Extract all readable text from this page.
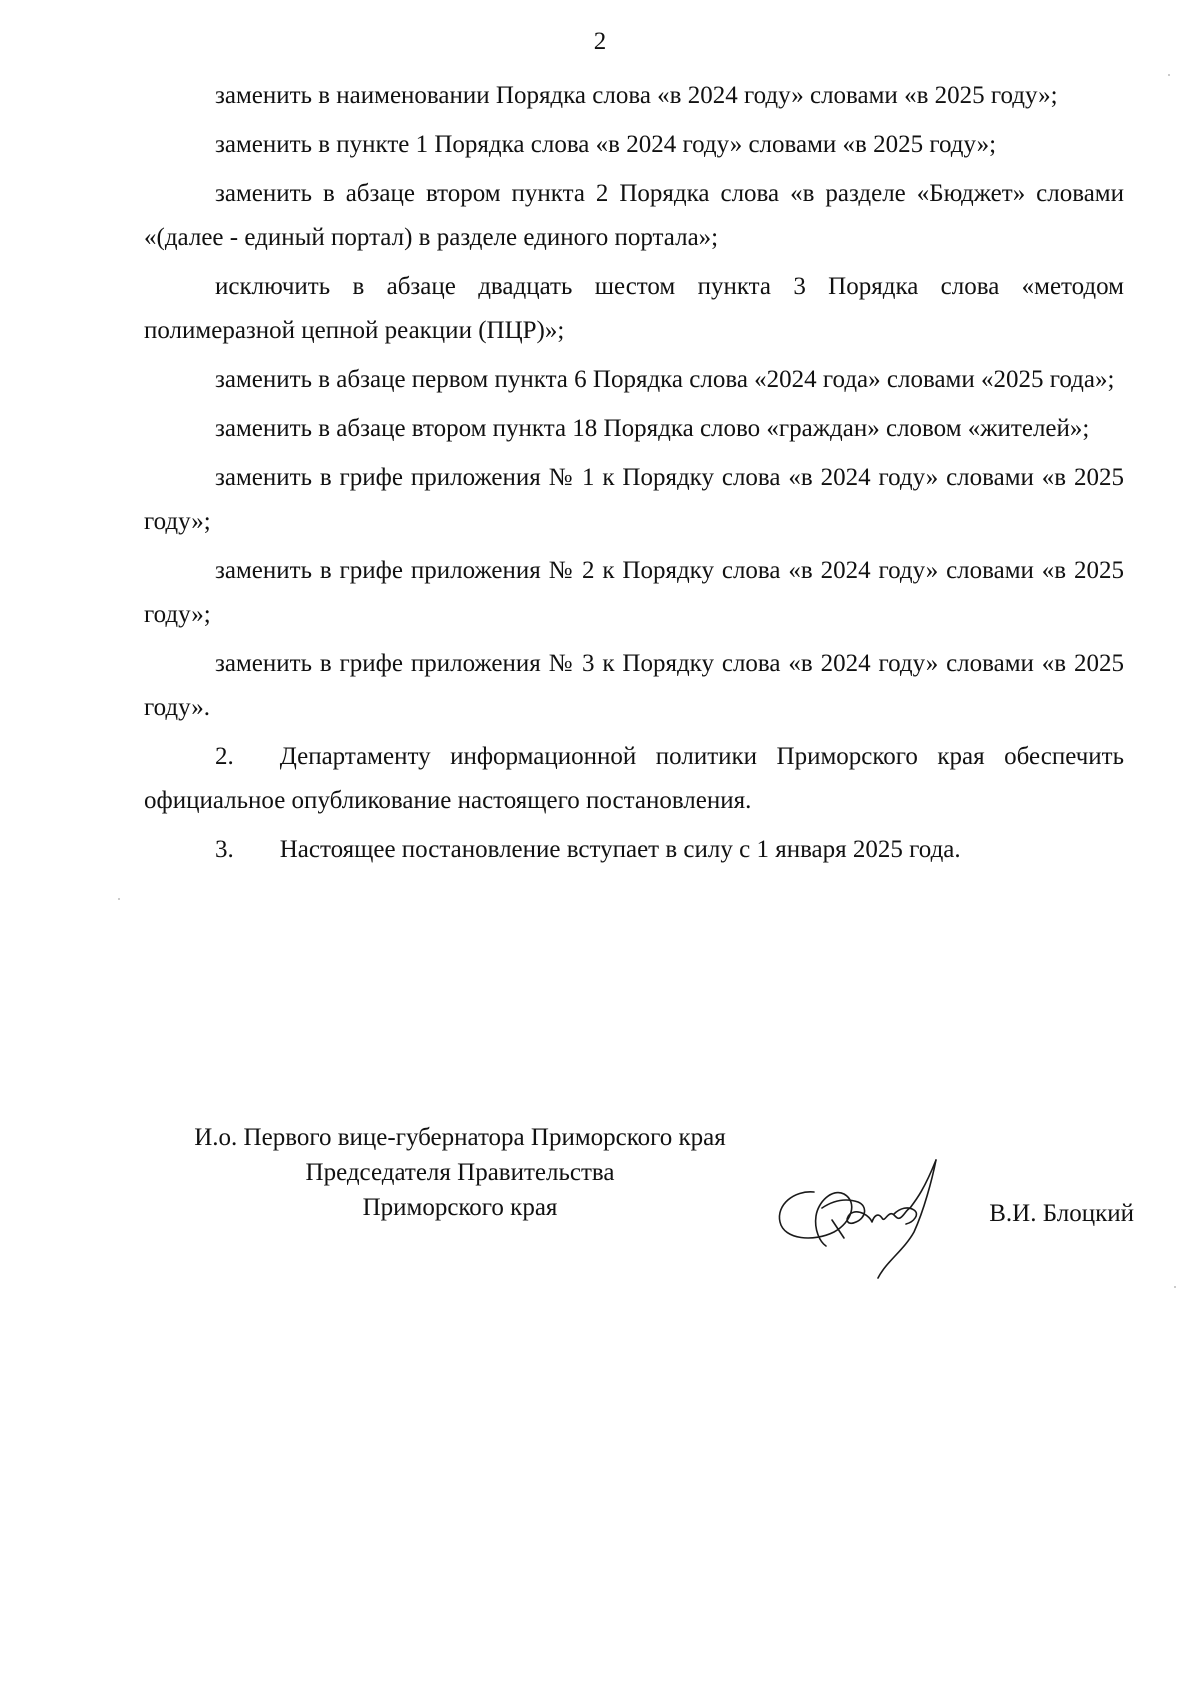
2

заменить в наименовании Порядка слова «в 2024 году» словами «в 2025 году»;

заменить в пункте 1 Порядка слова «в 2024 году» словами «в 2025 году»;

заменить в абзаце втором пункта 2 Порядка слова «в разделе «Бюджет» словами «(далее - единый портал) в разделе единого портала»;

исключить в абзаце двадцать шестом пункта 3 Порядка слова «методом полимеразной цепной реакции (ПЦР)»;

заменить в абзаце первом пункта 6 Порядка слова «2024 года» словами «2025 года»;

заменить в абзаце втором пункта 18 Порядка слово «граждан» словом «жителей»;

заменить в грифе приложения № 1 к Порядку слова «в 2024 году» словами «в 2025 году»;

заменить в грифе приложения № 2 к Порядку слова «в 2024 году» словами «в 2025 году»;

заменить в грифе приложения № 3 к Порядку слова «в 2024 году» словами «в 2025 году».

2. Департаменту информационной политики Приморского края обеспечить официальное опубликование настоящего постановления.

3. Настоящее постановление вступает в силу с 1 января 2025 года.

И.о. Первого вице-губернатора Приморского края
Председателя Правительства
Приморского края	В.И. Блоцкий
